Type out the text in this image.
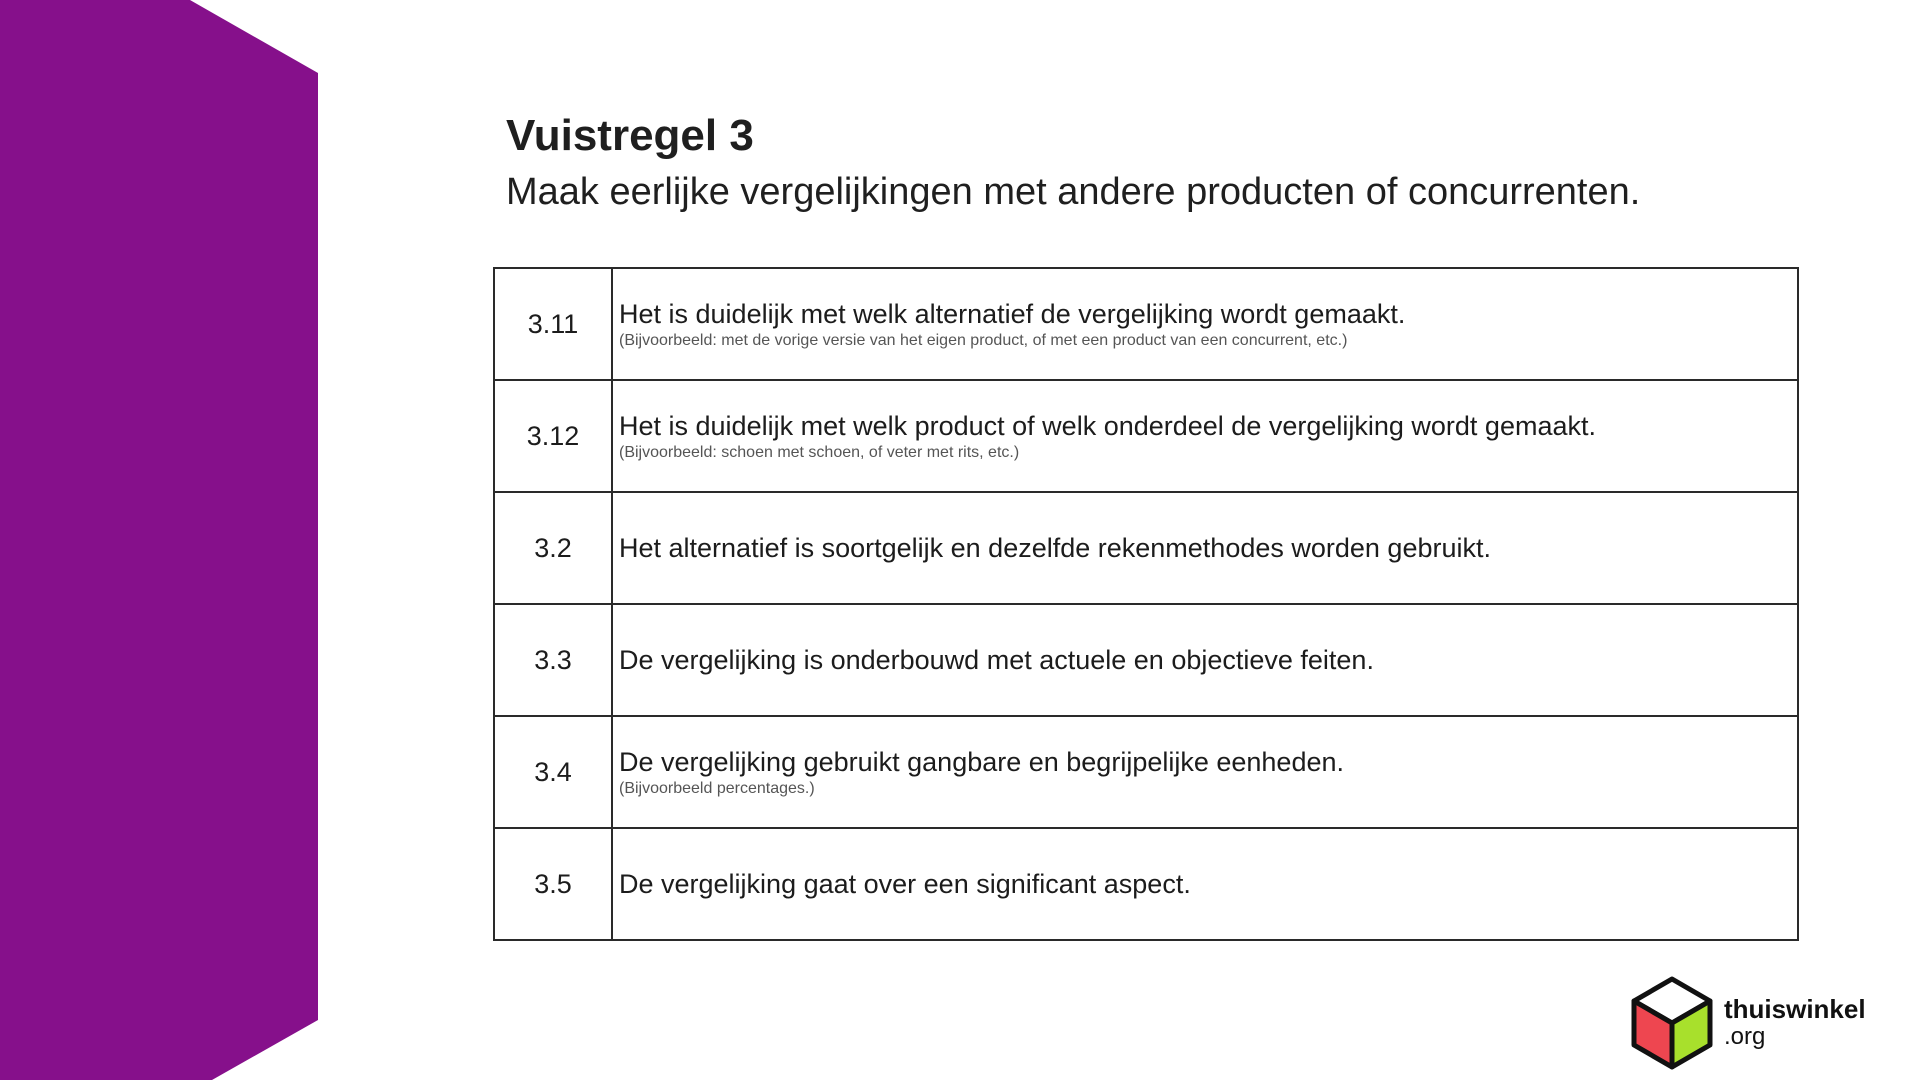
Vuistregel 3
Maak eerlijke vergelijkingen met andere producten of concurrenten.
3.11	Het is duidelijk met welk alternatief de vergelijking wordt gemaakt.
(Bijvoorbeeld: met de vorige versie van het eigen product, of met een product van een concurrent, etc.)

3.12	Het is duidelijk met welk product of welk onderdeel de vergelijking wordt gemaakt.
(Bijvoorbeeld: schoen met schoen, of veter met rits, etc.)

3.2	Het alternatief is soortgelijk en dezelfde rekenmethodes worden gebruikt.

3.3	De vergelijking is onderbouwd met actuele en objectieve feiten.

3.4	De vergelijking gebruikt gangbare en begrijpelijke eenheden.
(Bijvoorbeeld percentages.)

3.5	De vergelijking gaat over een significant aspect.
thuiswinkel
.org
